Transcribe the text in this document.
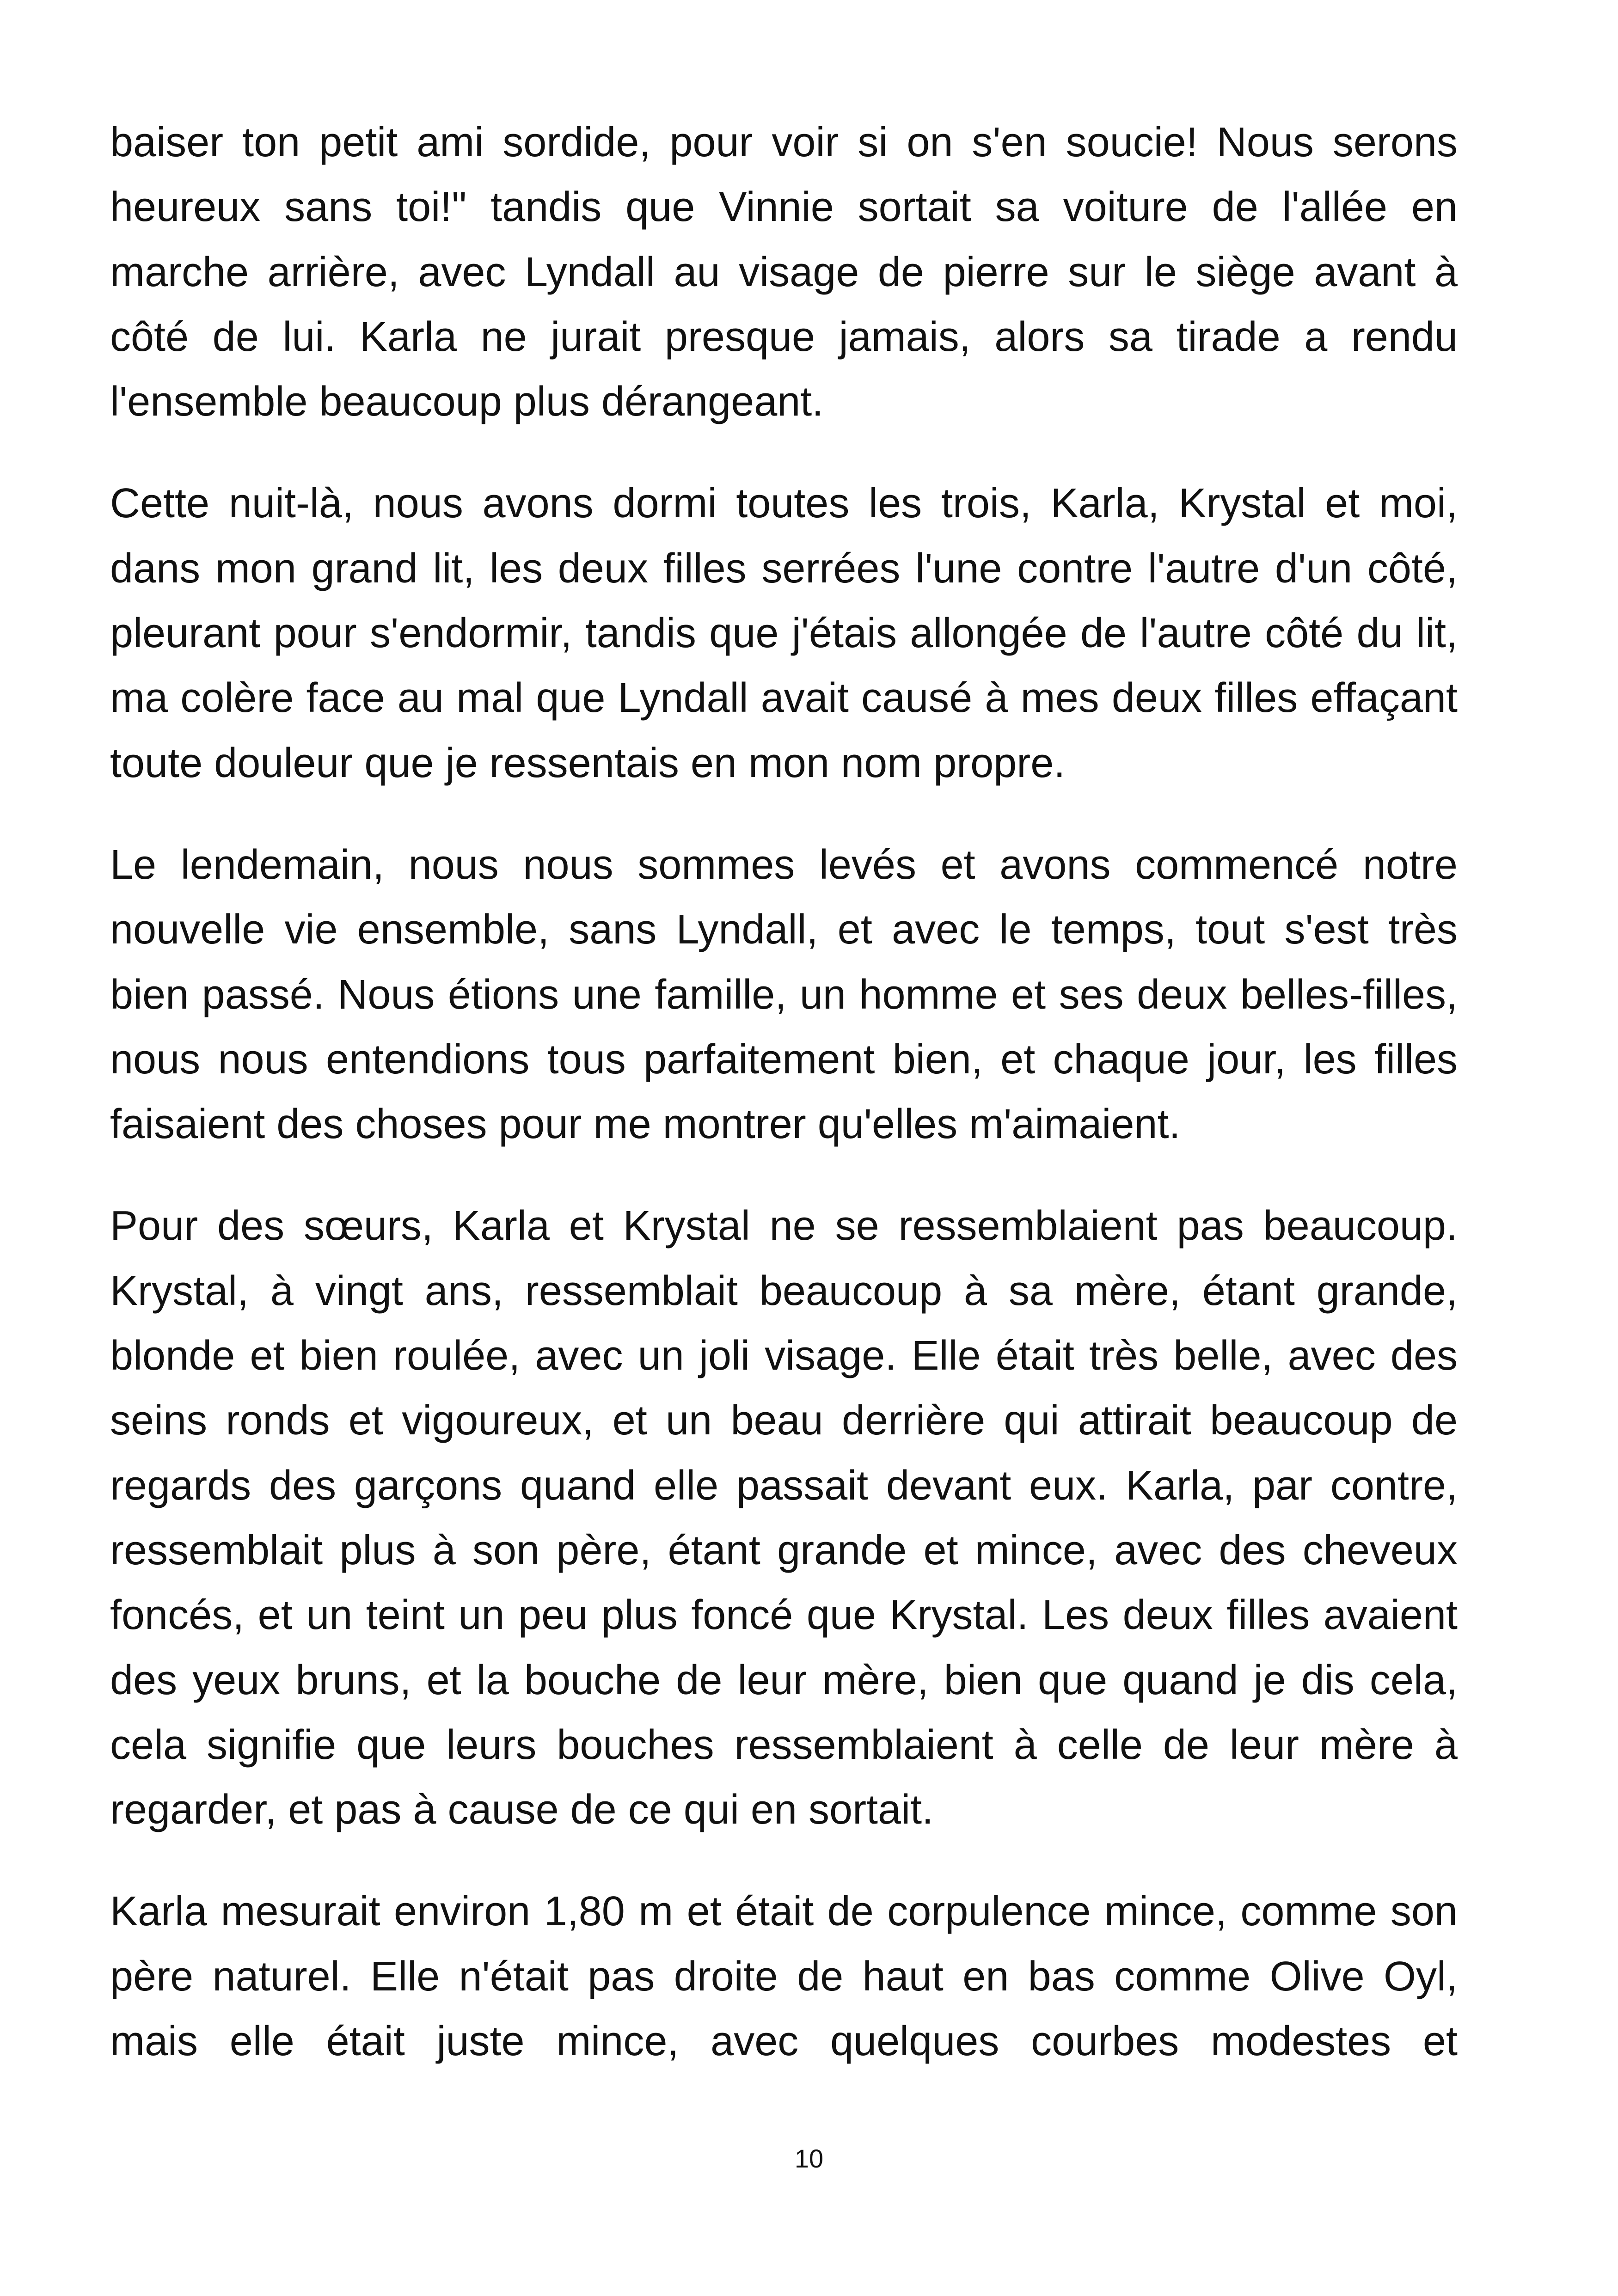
baiser ton petit ami sordide, pour voir si on s'en soucie! Nous serons heureux sans toi!" tandis que Vinnie sortait sa voiture de l'allée en marche arrière, avec Lyndall au visage de pierre sur le siège avant à côté de lui. Karla ne jurait presque jamais, alors sa tirade a rendu l'ensemble beaucoup plus dérangeant.

Cette nuit-là, nous avons dormi toutes les trois, Karla, Krystal et moi, dans mon grand lit, les deux filles serrées l'une contre l'autre d'un côté, pleurant pour s'endormir, tandis que j'étais allongée de l'autre côté du lit, ma colère face au mal que Lyndall avait causé à mes deux filles effaçant toute douleur que je ressentais en mon nom propre.

Le lendemain, nous nous sommes levés et avons commencé notre nouvelle vie ensemble, sans Lyndall, et avec le temps, tout s'est très bien passé. Nous étions une famille, un homme et ses deux belles-filles, nous nous entendions tous parfaitement bien, et chaque jour, les filles faisaient des choses pour me montrer qu'elles m'aimaient.

Pour des sœurs, Karla et Krystal ne se ressemblaient pas beaucoup. Krystal, à vingt ans, ressemblait beaucoup à sa mère, étant grande, blonde et bien roulée, avec un joli visage. Elle était très belle, avec des seins ronds et vigoureux, et un beau derrière qui attirait beaucoup de regards des garçons quand elle passait devant eux. Karla, par contre, ressemblait plus à son père, étant grande et mince, avec des cheveux foncés, et un teint un peu plus foncé que Krystal. Les deux filles avaient des yeux bruns, et la bouche de leur mère, bien que quand je dis cela, cela signifie que leurs bouches ressemblaient à celle de leur mère à regarder, et pas à cause de ce qui en sortait.

Karla mesurait environ 1,80 m et était de corpulence mince, comme son père naturel. Elle n'était pas droite de haut en bas comme Olive Oyl, mais elle était juste mince, avec quelques courbes modestes et

10
